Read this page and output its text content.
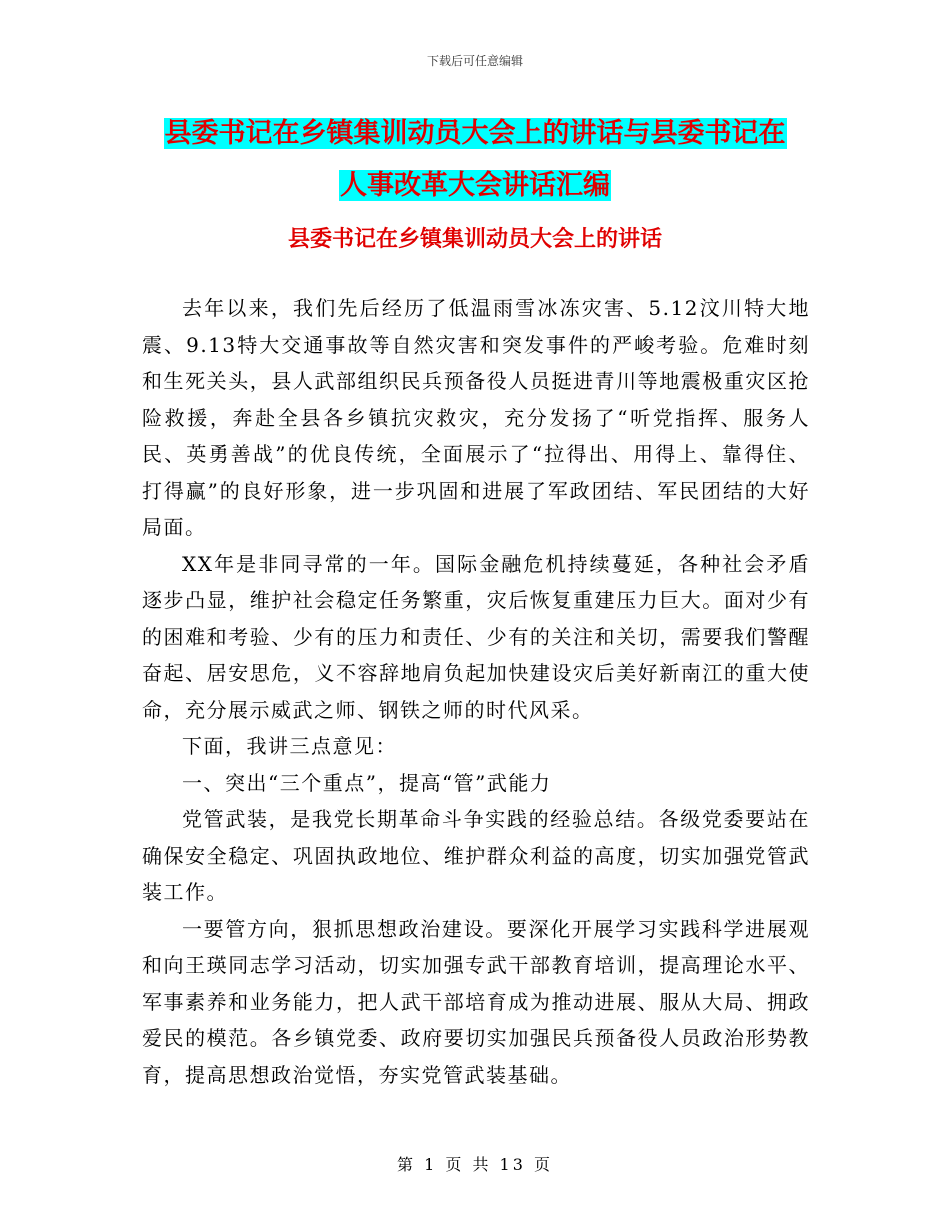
下载后可任意编辑
县委书记在乡镇集训动员大会上的讲话与县委书记在
人事改革大会讲话汇编
县委书记在乡镇集训动员大会上的讲话

去年以来，我们先后经历了低温雨雪冰冻灾害、5.12汶川特大地震、9.13特大交通事故等自然灾害和突发事件的严峻考验。危难时刻和生死关头，县人武部组织民兵预备役人员挺进青川等地震极重灾区抢险救援，奔赴全县各乡镇抗灾救灾，充分发扬了“听党指挥、服务人民、英勇善战”的优良传统，全面展示了“拉得出、用得上、靠得住、打得赢”的良好形象，进一步巩固和进展了军政团结、军民团结的大好局面。

XX年是非同寻常的一年。国际金融危机持续蔓延，各种社会矛盾逐步凸显，维护社会稳定任务繁重，灾后恢复重建压力巨大。面对少有的困难和考验、少有的压力和责任、少有的关注和关切，需要我们警醒奋起、居安思危，义不容辞地肩负起加快建设灾后美好新南江的重大使命，充分展示威武之师、钢铁之师的时代风采。

下面，我讲三点意见：

一、突出“三个重点”，提高“管”武能力

党管武装，是我党长期革命斗争实践的经验总结。各级党委要站在确保安全稳定、巩固执政地位、维护群众利益的高度，切实加强党管武装工作。

一要管方向，狠抓思想政治建设。要深化开展学习实践科学进展观和向王瑛同志学习活动，切实加强专武干部教育培训，提高理论水平、军事素养和业务能力，把人武干部培育成为推动进展、服从大局、拥政爱民的模范。各乡镇党委、政府要切实加强民兵预备役人员政治形势教育，提高思想政治觉悟，夯实党管武装基础。

第 1 页 共 13 页
